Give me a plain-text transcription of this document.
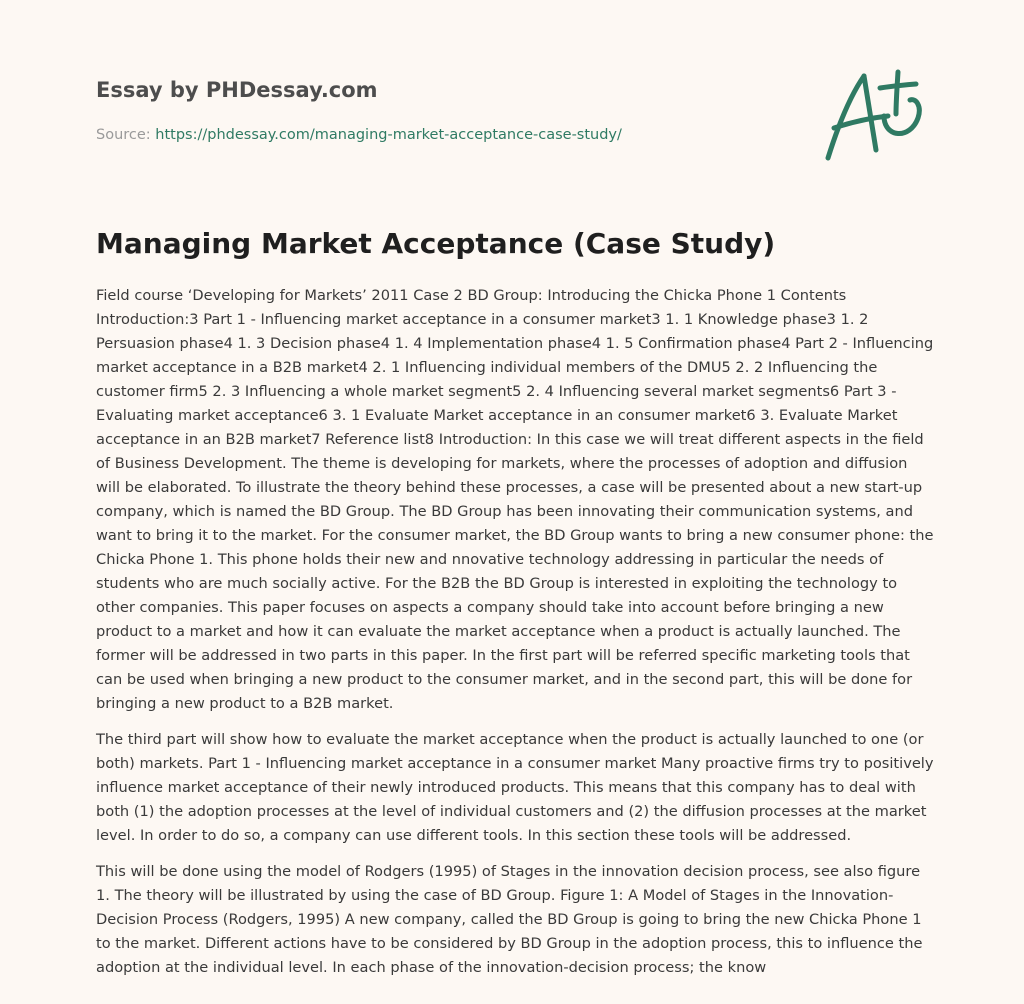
Essay by PHDessay.com
Source: https://phdessay.com/managing-market-acceptance-case-study/
Managing Market Acceptance (Case Study)

Field course ‘Developing for Markets’ 2011 Case 2 BD Group: Introducing the Chicka Phone 1 Contents Introduction:3 Part 1 - Influencing market acceptance in a consumer market3 1. 1 Knowledge phase3 1. 2 Persuasion phase4 1. 3 Decision phase4 1. 4 Implementation phase4 1. 5 Confirmation phase4 Part 2 - Influencing market acceptance in a B2B market4 2. 1 Influencing individual members of the DMU5 2. 2 Influencing the customer firm5 2. 3 Influencing a whole market segment5 2. 4 Influencing several market segments6 Part 3 - Evaluating market acceptance6 3. 1 Evaluate Market acceptance in an consumer market6 3. Evaluate Market acceptance in an B2B market7 Reference list8 Introduction: In this case we will treat different aspects in the field of Business Development. The theme is developing for markets, where the processes of adoption and diffusion will be elaborated. To illustrate the theory behind these processes, a case will be presented about a new start-up company, which is named the BD Group. The BD Group has been innovating their communication systems, and want to bring it to the market. For the consumer market, the BD Group wants to bring a new consumer phone: the Chicka Phone 1. This phone holds their new and nnovative technology addressing in particular the needs of students who are much socially active. For the B2B the BD Group is interested in exploiting the technology to other companies. This paper focuses on aspects a company should take into account before bringing a new product to a market and how it can evaluate the market acceptance when a product is actually launched. The former will be addressed in two parts in this paper. In the first part will be referred specific marketing tools that can be used when bringing a new product to the consumer market, and in the second part, this will be done for bringing a new product to a B2B market.

The third part will show how to evaluate the market acceptance when the product is actually launched to one (or both) markets. Part 1 - Influencing market acceptance in a consumer market Many proactive firms try to positively influence market acceptance of their newly introduced products. This means that this company has to deal with both (1) the adoption processes at the level of individual customers and (2) the diffusion processes at the market level. In order to do so, a company can use different tools. In this section these tools will be addressed.

This will be done using the model of Rodgers (1995) of Stages in the innovation decision process, see also figure 1. The theory will be illustrated by using the case of BD Group. Figure 1: A Model of Stages in the Innovation-Decision Process (Rodgers, 1995) A new company, called the BD Group is going to bring the new Chicka Phone 1 to the market. Different actions have to be considered by BD Group in the adoption process, this to influence the adoption at the individual level. In each phase of the innovation-decision process; the know
